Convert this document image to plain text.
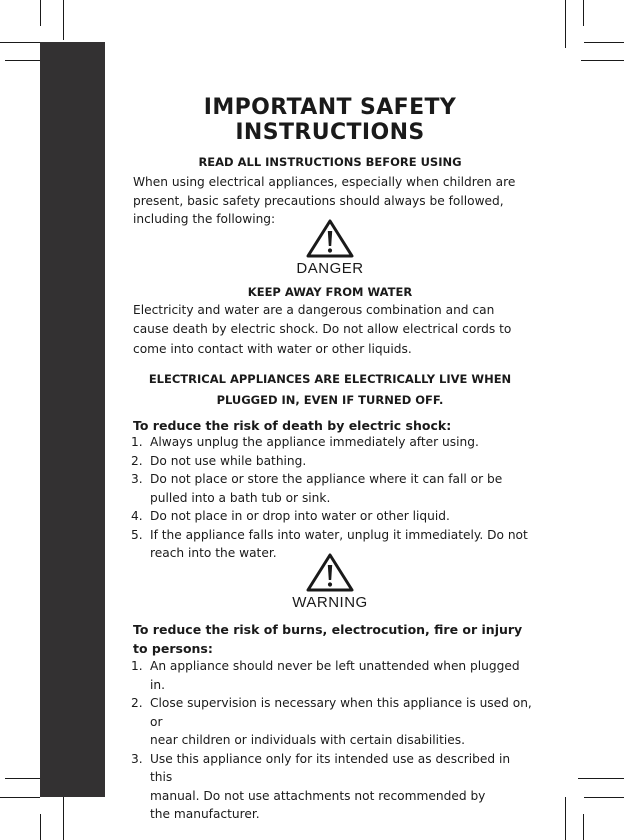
IMPORTANT SAFETY
INSTRUCTIONS
READ ALL INSTRUCTIONS BEFORE USING
When using electrical appliances, especially when children are
present, basic safety precautions should always be followed,
including the following:
DANGER
KEEP AWAY FROM WATER
Electricity and water are a dangerous combination and can
cause death by electric shock. Do not allow electrical cords to
come into contact with water or other liquids.
ELECTRICAL APPLIANCES ARE ELECTRICALLY LIVE WHEN
PLUGGED IN, EVEN IF TURNED OFF.
To reduce the risk of death by electric shock:
1. Always unplug the appliance immediately after using.
2. Do not use while bathing.
3. Do not place or store the appliance where it can fall or be
pulled into a bath tub or sink.
4. Do not place in or drop into water or other liquid.
5. If the appliance falls into water, unplug it immediately. Do not
reach into the water.
WARNING
To reduce the risk of burns, electrocution, fire or injury
to persons:
1. An appliance should never be left unattended when plugged in.
2. Close supervision is necessary when this appliance is used on, or
near children or individuals with certain disabilities.
3. Use this appliance only for its intended use as described in this
manual. Do not use attachments not recommended by
the manufacturer.
